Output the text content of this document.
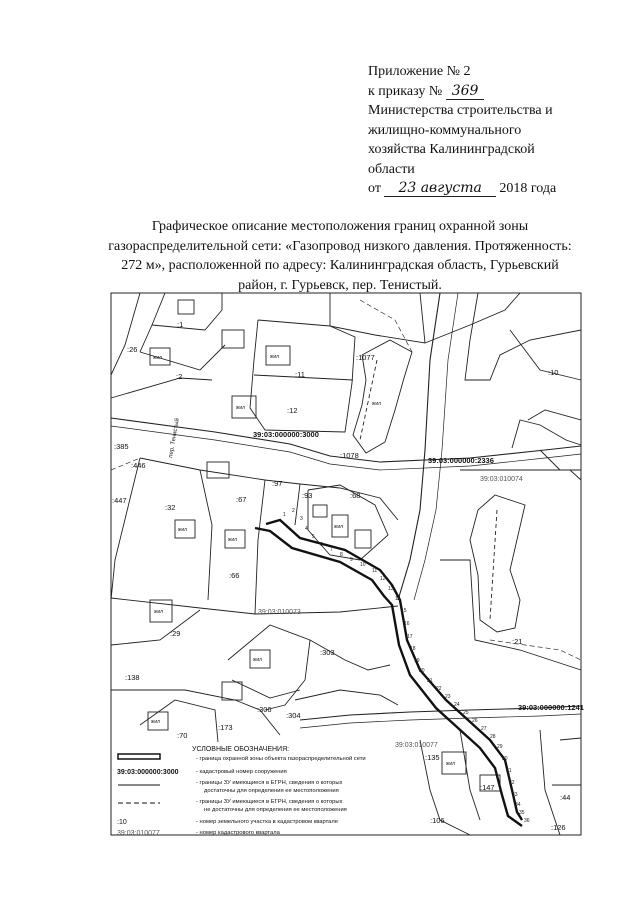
Приложение № 2
к приказу № 369
Министерства строительства и
жилищно-коммунального
хозяйства Калининградской
области
от 23 августа 2018 года
Графическое описание местоположения границ охранной зоны
газораспределительной сети: «Газопровод низкого давления. Протяженность:
272 м», расположенной по адресу: Калининградская область, Гурьевский
район, г. Гурьевск, пер. Тенистый.
1
2
3
4
5
6
7
8
9
10
11
12
13
14
15
16
17
18
19
20
21
22
23
24
25
26
27
28
29
30
31
32
33
34
35
36
:1
:26
:2	:11
:12
:1077
:10
:385
:446
:447
:1078
:97
:93	:68
:32
:67
:66
:29
:303
:21
:138
:306
:304
:173
:70
:135
:147
:44
:106
:126
жил	жил
жил
жил
жил
жил
жил
жил
жил
жил
жил
пер. Тенистый	39:03:000000:3000
39:03:000000:2336
39:03:000000:1241
39:03:010074
39:03:010073
39:03:010077
УСЛОВНЫЕ ОБОЗНАЧЕНИЯ:
39:03:000000:3000
:10
39:03:010077
- граница охранной зоны объекта газораспределительной сети
- кадастровый номер сооружения
- границы ЗУ имеющиеся в ЕГРН, сведения о которых
достаточны для определения ее местоположения
- границы ЗУ имеющиеся в ЕГРН, сведения о которых
не достаточны для определения ее местоположения
- номер земельного участка в кадастровом квартале
- номер кадастрового квартала
